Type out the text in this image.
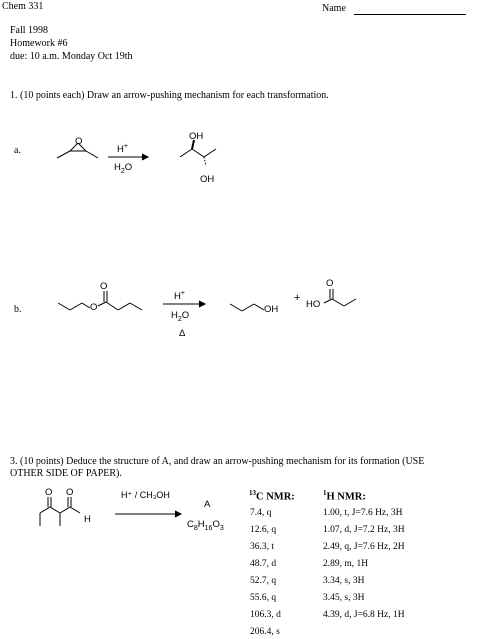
Chem 331	Name
Fall 1998
Homework #6
due: 10 a.m. Monday Oct 19th
1. (10 points each) Draw an arrow-pushing mechanism for each transformation.
a.
O
H+
$H_2O$
OH
OH
b.
O
O
H+
$H_2O$
Δ
OH
+
HO
O
3. (10 points) Deduce the structure of A, and draw an arrow-pushing mechanism for its formation (USE
OTHER SIDE OF PAPER).
O O
H
H⁺ / CH₃OH
A
$C_8H_{16}O_3$
$^{13}$C NMR:	$^1$H NMR:
7.4, q
12.6, q
36.3, t
48.7, d
52.7, q
55.6, q
106.3, d
206.4, s
1.00, t, J=7.6 Hz, 3H
1.07, d, J=7.2 Hz, 3H
2.49, q, J=7.6 Hz, 2H
2.89, m, 1H
3.34, s, 3H
3.45, s, 3H
4.39, d, J=6.8 Hz, 1H
